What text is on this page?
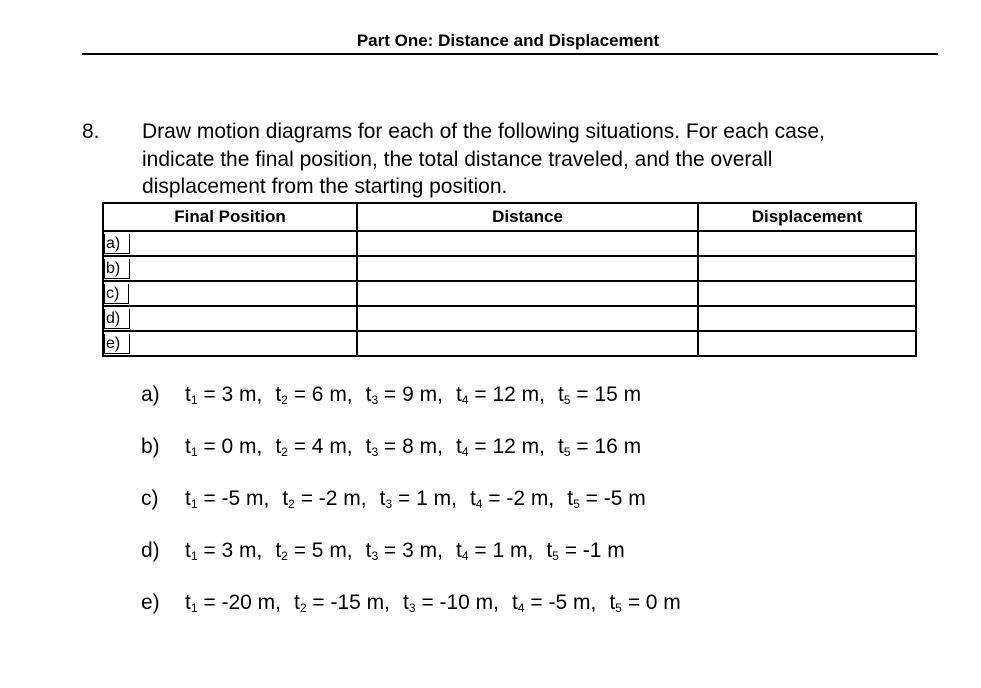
Part One: Distance and Displacement
8. Draw motion diagrams for each of the following situations. For each case,
indicate the final position, the total distance traveled, and the overall
displacement from the starting position.
Final Position	Distance	Displacement
a)		
b)		
c)		
d)		
e)		
a) $t_1 = 3$ m, $t_2 = 6$ m, $t_3 = 9$ m, $t_4 = 12$ m, $t_5 = 15$ m
b) $t_1 = 0$ m, $t_2 = 4$ m, $t_3 = 8$ m, $t_4 = 12$ m, $t_5 = 16$ m
c) $t_1 = -5$ m, $t_2 = -2$ m, $t_3 = 1$ m, $t_4 = -2$ m, $t_5 = -5$ m
d) $t_1 = 3$ m, $t_2 = 5$ m, $t_3 = 3$ m, $t_4 = 1$ m, $t_5 = -1$ m
e) $t_1 = -20$ m, $t_2 = -15$ m, $t_3 = -10$ m, $t_4 = -5$ m, $t_5 = 0$ m
